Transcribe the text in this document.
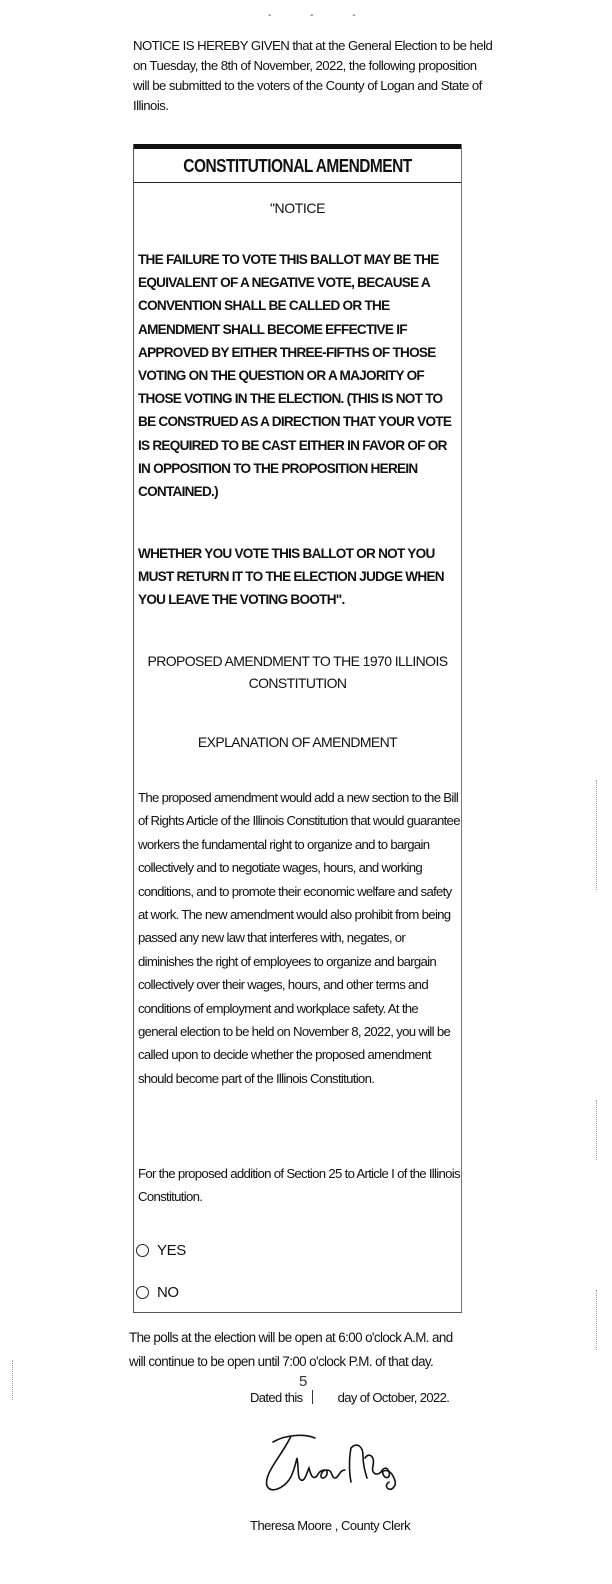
- - -
NOTICE IS HEREBY GIVEN that at the General Election to be held on Tuesday, the 8th of November, 2022, the following proposition will be submitted to the voters of the County of Logan and State of Illinois.
CONSTITUTIONAL AMENDMENT
"NOTICE
THE FAILURE TO VOTE THIS BALLOT MAY BE THE EQUIVALENT OF A NEGATIVE VOTE, BECAUSE A CONVENTION SHALL BE CALLED OR THE AMENDMENT SHALL BECOME EFFECTIVE IF APPROVED BY EITHER THREE-FIFTHS OF THOSE VOTING ON THE QUESTION OR A MAJORITY OF THOSE VOTING IN THE ELECTION. (THIS IS NOT TO BE CONSTRUED AS A DIRECTION THAT YOUR VOTE IS REQUIRED TO BE CAST EITHER IN FAVOR OF OR IN OPPOSITION TO THE PROPOSITION HEREIN CONTAINED.)
WHETHER YOU VOTE THIS BALLOT OR NOT YOU MUST RETURN IT TO THE ELECTION JUDGE WHEN YOU LEAVE THE VOTING BOOTH".
PROPOSED AMENDMENT TO THE 1970 ILLINOIS
CONSTITUTION
EXPLANATION OF AMENDMENT
The proposed amendment would add a new section to the Bill of Rights Article of the Illinois Constitution that would guarantee workers the fundamental right to organize and to bargain collectively and to negotiate wages, hours, and working conditions, and to promote their economic welfare and safety at work. The new amendment would also prohibit from being passed any new law that interferes with, negates, or diminishes the right of employees to organize and bargain collectively over their wages, hours, and other terms and conditions of employment and workplace safety. At the general election to be held on November 8, 2022, you will be called upon to decide whether the proposed amendment should become part of the Illinois Constitution.
For the proposed addition of Section 25 to Article I of the Illinois Constitution.
YES
NO
The polls at the election will be open at 6:00 o'clock A.M. and will continue to be open until 7:00 o'clock P.M. of that day.
5
Dated this	day of October, 2022.
Theresa Moore , County Clerk
